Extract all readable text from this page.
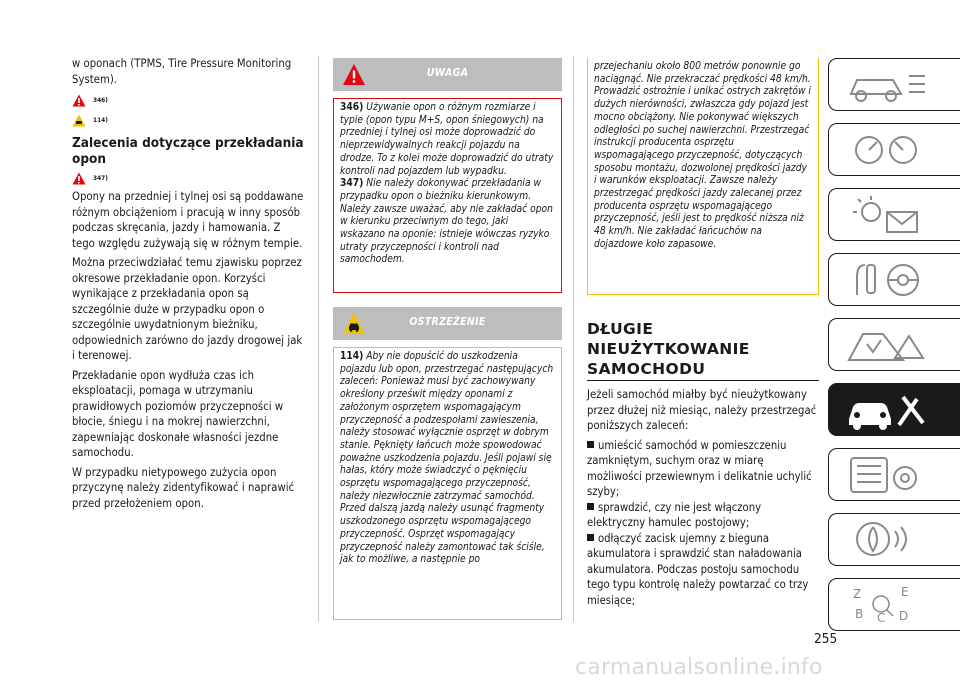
w oponach (TPMS, Tire Pressure Monitoring System).
346)
114)
Zalecenia dotyczące przekładania opon
347)
Opony na przedniej i tylnej osi są poddawane różnym obciążeniom i pracują w inny sposób podczas skręcania, jazdy i hamowania. Z tego względu zużywają się w różnym tempie.
Można przeciwdziałać temu zjawisku poprzez okresowe przekładanie opon. Korzyści wynikające z przekładania opon są szczególnie duże w przypadku opon o szczególnie uwydatnionym bieżniku, odpowiednich zarówno do jazdy drogowej jak i terenowej.
Przekładanie opon wydłuża czas ich eksploatacji, pomaga w utrzymaniu prawidłowych poziomów przyczepności w błocie, śniegu i na mokrej nawierzchni, zapewniając doskonałe własności jezdne samochodu.
W przypadku nietypowego zużycia opon przyczynę należy zidentyfikować i naprawić przed przełożeniem opon.
UWAGA
346) Używanie opon o różnym rozmiarze i typie (opon typu M+S, opon śniegowych) na przedniej i tylnej osi może doprowadzić do nieprzewidywalnych reakcji pojazdu na drodze. To z kolei może doprowadzić do utraty kontroli nad pojazdem lub wypadku.
347) Nie należy dokonywać przekładania w przypadku opon o bieżniku kierunkowym. Należy zawsze uważać, aby nie zakładać opon w kierunku przeciwnym do tego, jaki wskazano na oponie: istnieje wówczas ryzyko utraty przyczepności i kontroli nad samochodem.
OSTRZEŻENIE
114) Aby nie dopuścić do uszkodzenia pojazdu lub opon, przestrzegać następujących zaleceń: Ponieważ musi być zachowywany określony prześwit między oponami z założonym osprzętem wspomagającym przyczepność a podzespołami zawieszenia, należy stosować wyłącznie osprzęt w dobrym stanie. Pęknięty łańcuch może spowodować poważne uszkodzenia pojazdu. Jeśli pojawi się hałas, który może świadczyć o pęknięciu osprzętu wspomagającego przyczepność, należy niezwłocznie zatrzymać samochód. Przed dalszą jazdą należy usunąć fragmenty uszkodzonego osprzętu wspomagającego przyczepność. Osprzęt wspomagający przyczepność należy zamontować tak ściśle, jak to możliwe, a następnie po
przejechaniu około 800 metrów ponownie go naciągnąć. Nie przekraczać prędkości 48 km/h. Prowadzić ostrożnie i unikać ostrych zakrętów i dużych nierówności, zwłaszcza gdy pojazd jest mocno obciążony. Nie pokonywać większych odległości po suchej nawierzchni. Przestrzegać instrukcji producenta osprzętu wspomagającego przyczepność, dotyczących sposobu montażu, dozwolonej prędkości jazdy i warunków eksploatacji. Zawsze należy przestrzegać prędkości jazdy zalecanej przez producenta osprzętu wspomagającego przyczepność, jeśli jest to prędkość niższa niż 48 km/h. Nie zakładać łańcuchów na dojazdowe koło zapasowe.
DŁUGIE
NIEUŻYTKOWANIE
SAMOCHODU
Jeżeli samochód miałby być nieużytkowany przez dłużej niż miesiąc, należy przestrzegać poniższych zaleceń:
umieścić samochód w pomieszczeniu zamkniętym, suchym oraz w miarę możliwości przewiewnym i delikatnie uchylić szyby;
sprawdzić, czy nie jest włączony elektryczny hamulec postojowy;
odłączyć zacisk ujemny z bieguna akumulatora i sprawdzić stan naładowania akumulatora. Podczas postoju samochodu tego typu kontrolę należy powtarzać co trzy miesiące;
255
Z	E
B C D
carmanualsonline.info
